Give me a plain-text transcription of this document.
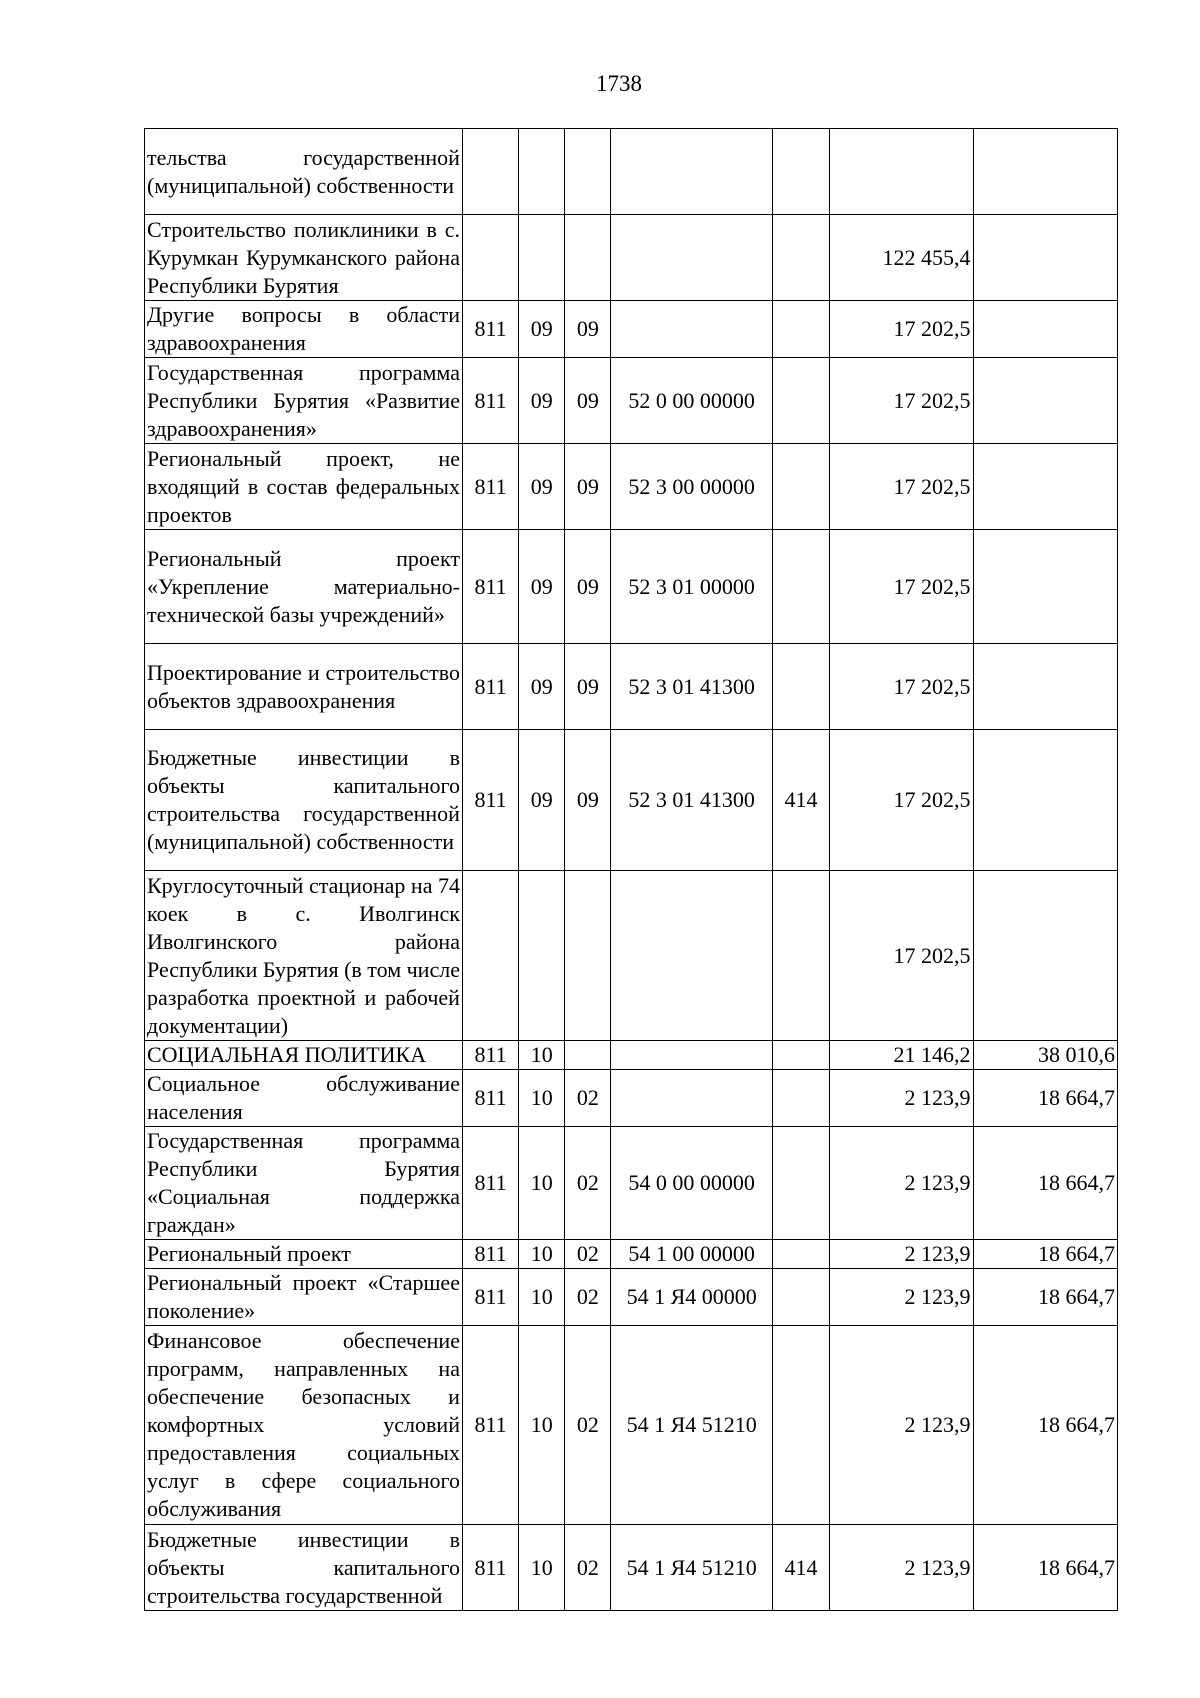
1738
тельства государственной (муниципальной) собственности							
Строительство поликлиники в с. Курумкан Курумканского района Республики Бурятия						122 455,4	
Другие вопросы в области здравоохранения	811	09	09			17 202,5	
Государственная программа Республики Бурятия «Развитие здравоохранения»	811	09	09	52 0 00 00000		17 202,5	
Региональный проект, не входящий в состав федеральных проектов	811	09	09	52 3 00 00000		17 202,5	
Региональный проект «Укрепление материально-технической базы учреждений»	811	09	09	52 3 01 00000		17 202,5	
Проектирование и строительство объектов здравоохранения	811	09	09	52 3 01 41300		17 202,5	
Бюджетные инвестиции в объекты капитального строительства государственной (муниципальной) собственности	811	09	09	52 3 01 41300	414	17 202,5	
Круглосуточный стационар на 74 коек в с. Иволгинск Иволгинского района Республики Бурятия (в том числе разработка проектной и рабочей документации)						17 202,5	
СОЦИАЛЬНАЯ ПОЛИТИКА	811	10				21 146,2	38 010,6
Социальное обслуживание населения	811	10	02			2 123,9	18 664,7
Государственная программа Республики Бурятия «Социальная поддержка граждан»	811	10	02	54 0 00 00000		2 123,9	18 664,7
Региональный проект	811	10	02	54 1 00 00000		2 123,9	18 664,7
Региональный проект «Старшее поколение»	811	10	02	54 1 Я4 00000		2 123,9	18 664,7
Финансовое обеспечение программ, направленных на обеспечение безопасных и комфортных условий предоставления социальных услуг в сфере социального обслуживания	811	10	02	54 1 Я4 51210		2 123,9	18 664,7
Бюджетные инвестиции в объекты капитального строительства государственной	811	10	02	54 1 Я4 51210	414	2 123,9	18 664,7
